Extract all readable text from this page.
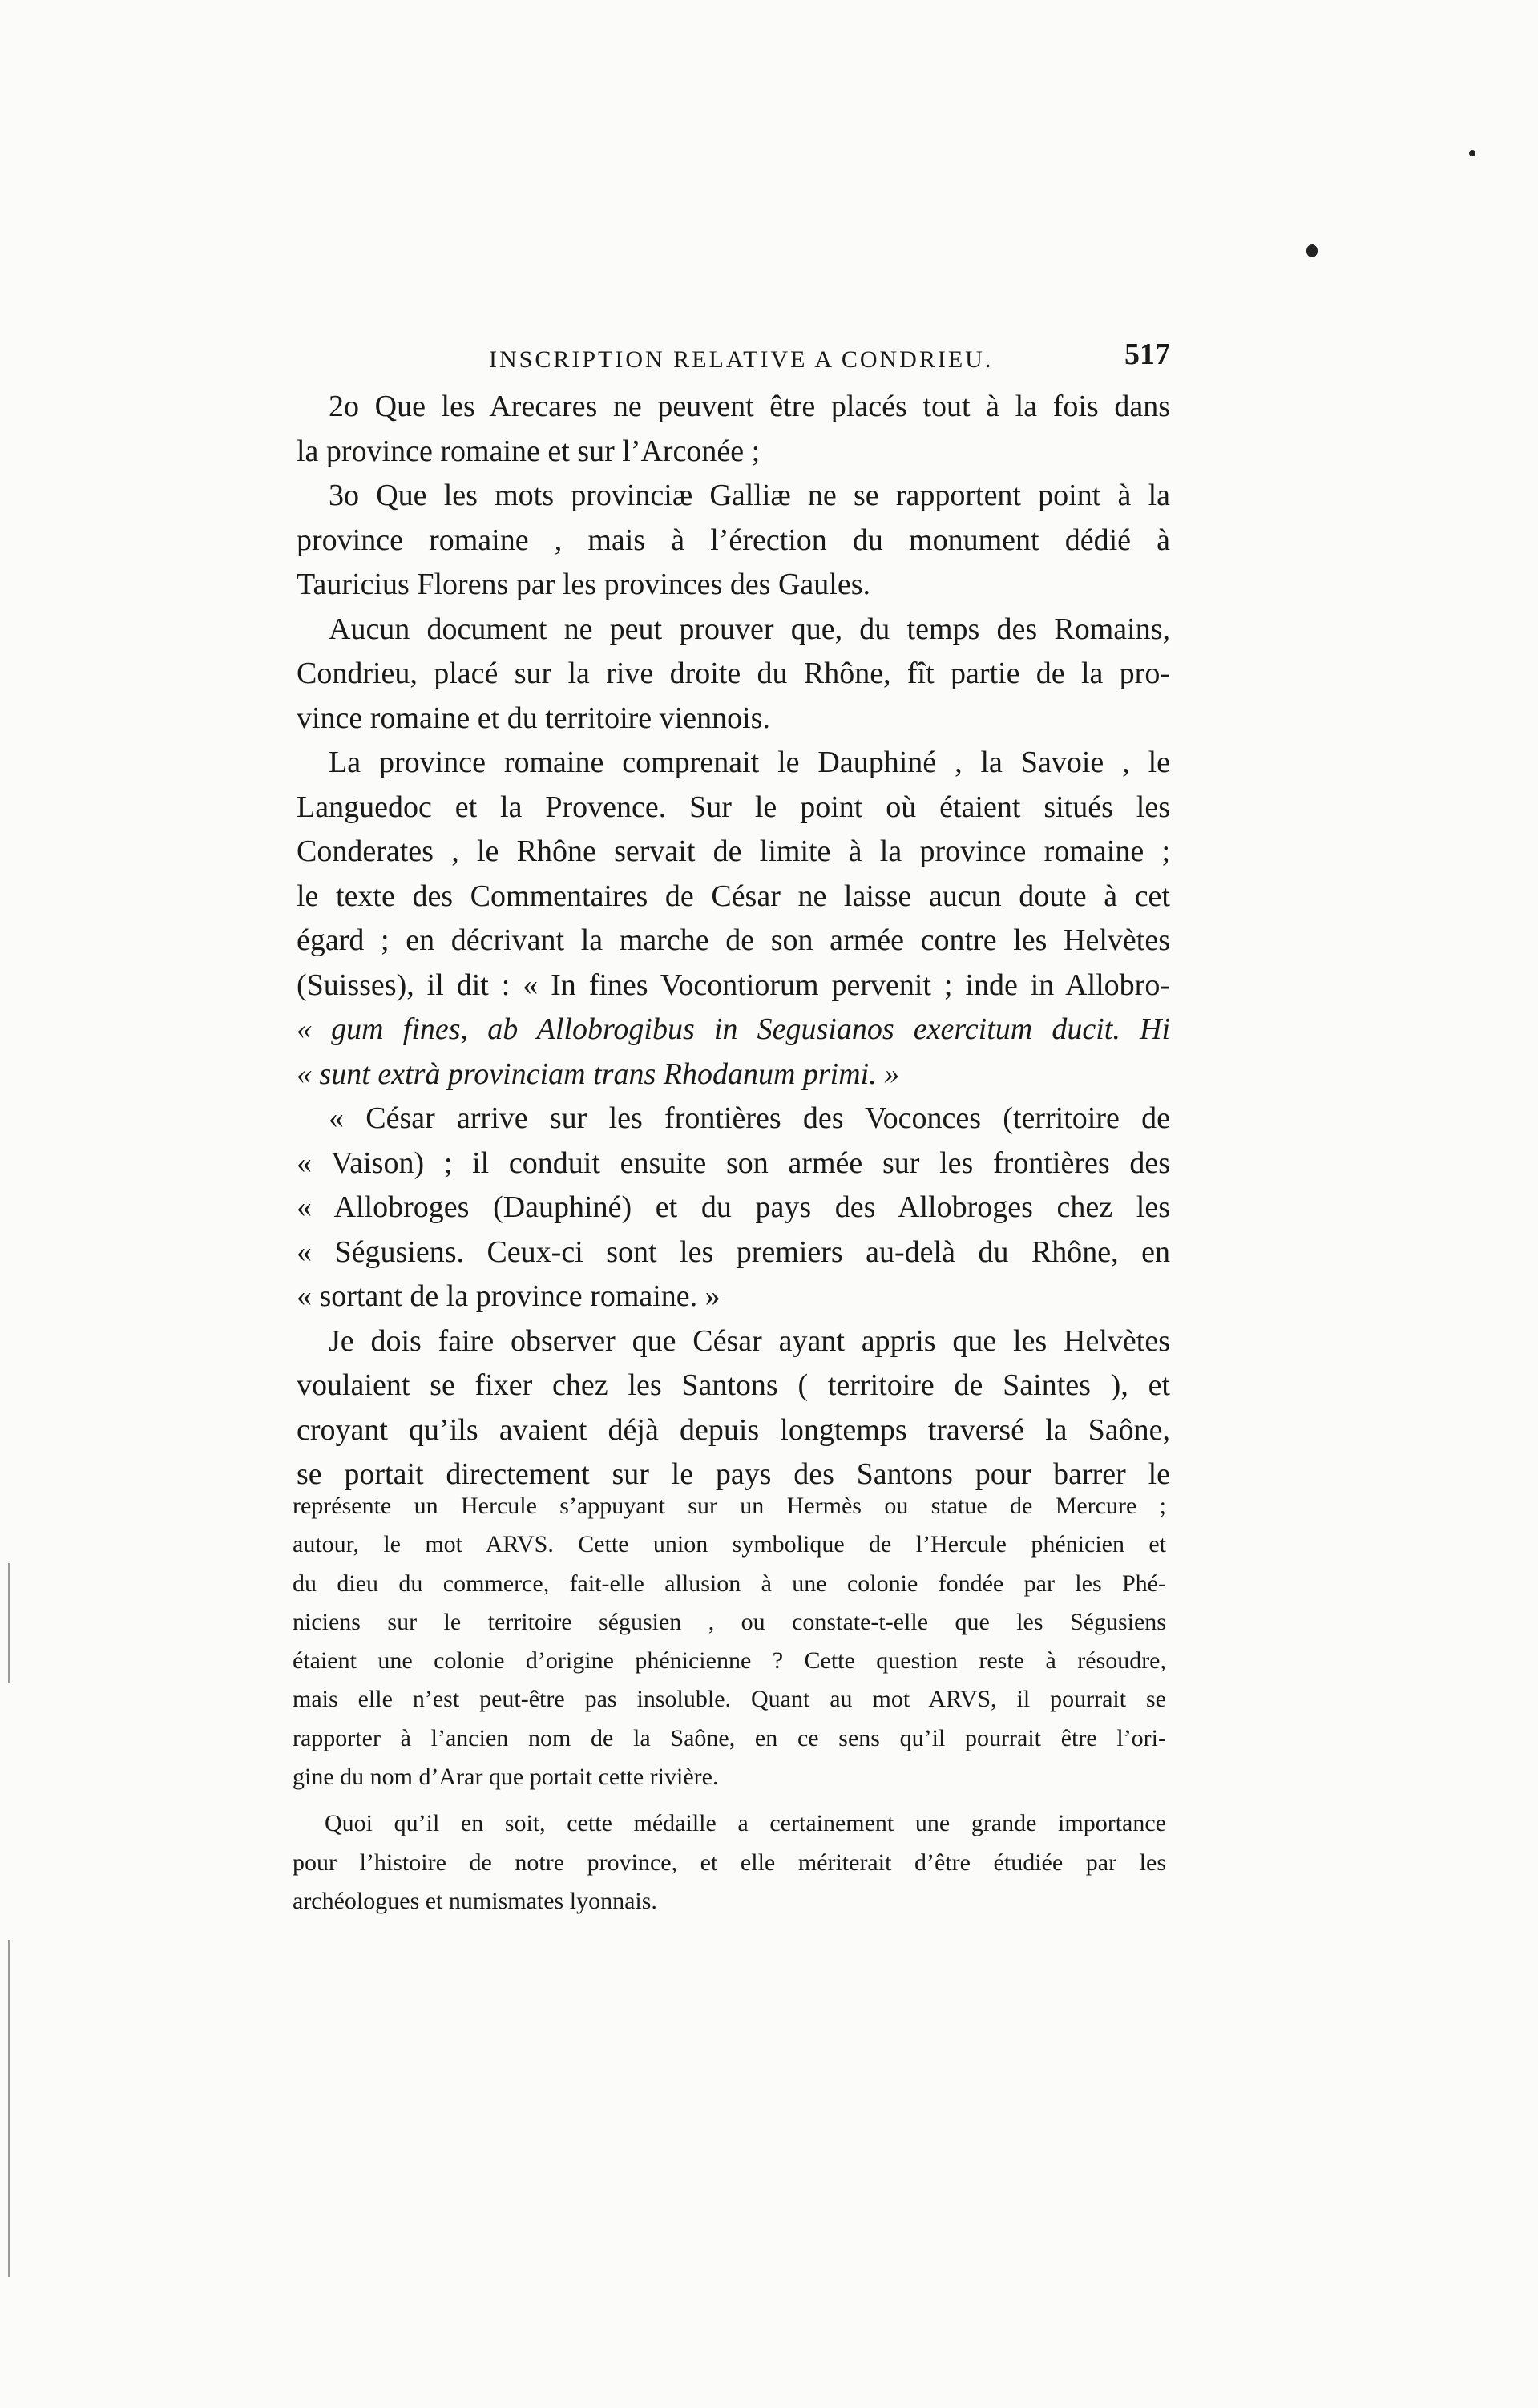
INSCRIPTION RELATIVE A CONDRIEU.	517
2o Que les Arecares ne peuvent être placés tout à la fois dans
la province romaine et sur l’Arconée ;
3o Que les mots provinciæ Galliæ ne se rapportent point à la
province romaine , mais à l’érection du monument dédié à
Tauricius Florens par les provinces des Gaules.
Aucun document ne peut prouver que, du temps des Romains,
Condrieu, placé sur la rive droite du Rhône, fît partie de la pro-
vince romaine et du territoire viennois.
La province romaine comprenait le Dauphiné , la Savoie , le
Languedoc et la Provence. Sur le point où étaient situés les
Conderates , le Rhône servait de limite à la province romaine ;
le texte des Commentaires de César ne laisse aucun doute à cet
égard ; en décrivant la marche de son armée contre les Helvètes
(Suisses), il dit : « In fines Vocontiorum pervenit ; inde in Allobro-
« gum fines, ab Allobrogibus in Segusianos exercitum ducit. Hi
« sunt extrà provinciam trans Rhodanum primi. »
« César arrive sur les frontières des Voconces (territoire de
« Vaison) ; il conduit ensuite son armée sur les frontières des
« Allobroges (Dauphiné) et du pays des Allobroges chez les
« Ségusiens. Ceux-ci sont les premiers au-delà du Rhône, en
« sortant de la province romaine. »
Je dois faire observer que César ayant appris que les Helvètes
voulaient se fixer chez les Santons ( territoire de Saintes ), et
croyant qu’ils avaient déjà depuis longtemps traversé la Saône,
se portait directement sur le pays des Santons pour barrer le
représente un Hercule s’appuyant sur un Hermès ou statue de Mercure ;
autour, le mot ARVS. Cette union symbolique de l’Hercule phénicien et
du dieu du commerce, fait-elle allusion à une colonie fondée par les Phé-
niciens sur le territoire ségusien , ou constate-t-elle que les Ségusiens
étaient une colonie d’origine phénicienne ? Cette question reste à résoudre,
mais elle n’est peut-être pas insoluble. Quant au mot ARVS, il pourrait se
rapporter à l’ancien nom de la Saône, en ce sens qu’il pourrait être l’ori-
gine du nom d’Arar que portait cette rivière.
Quoi qu’il en soit, cette médaille a certainement une grande importance
pour l’histoire de notre province, et elle mériterait d’être étudiée par les
archéologues et numismates lyonnais.
